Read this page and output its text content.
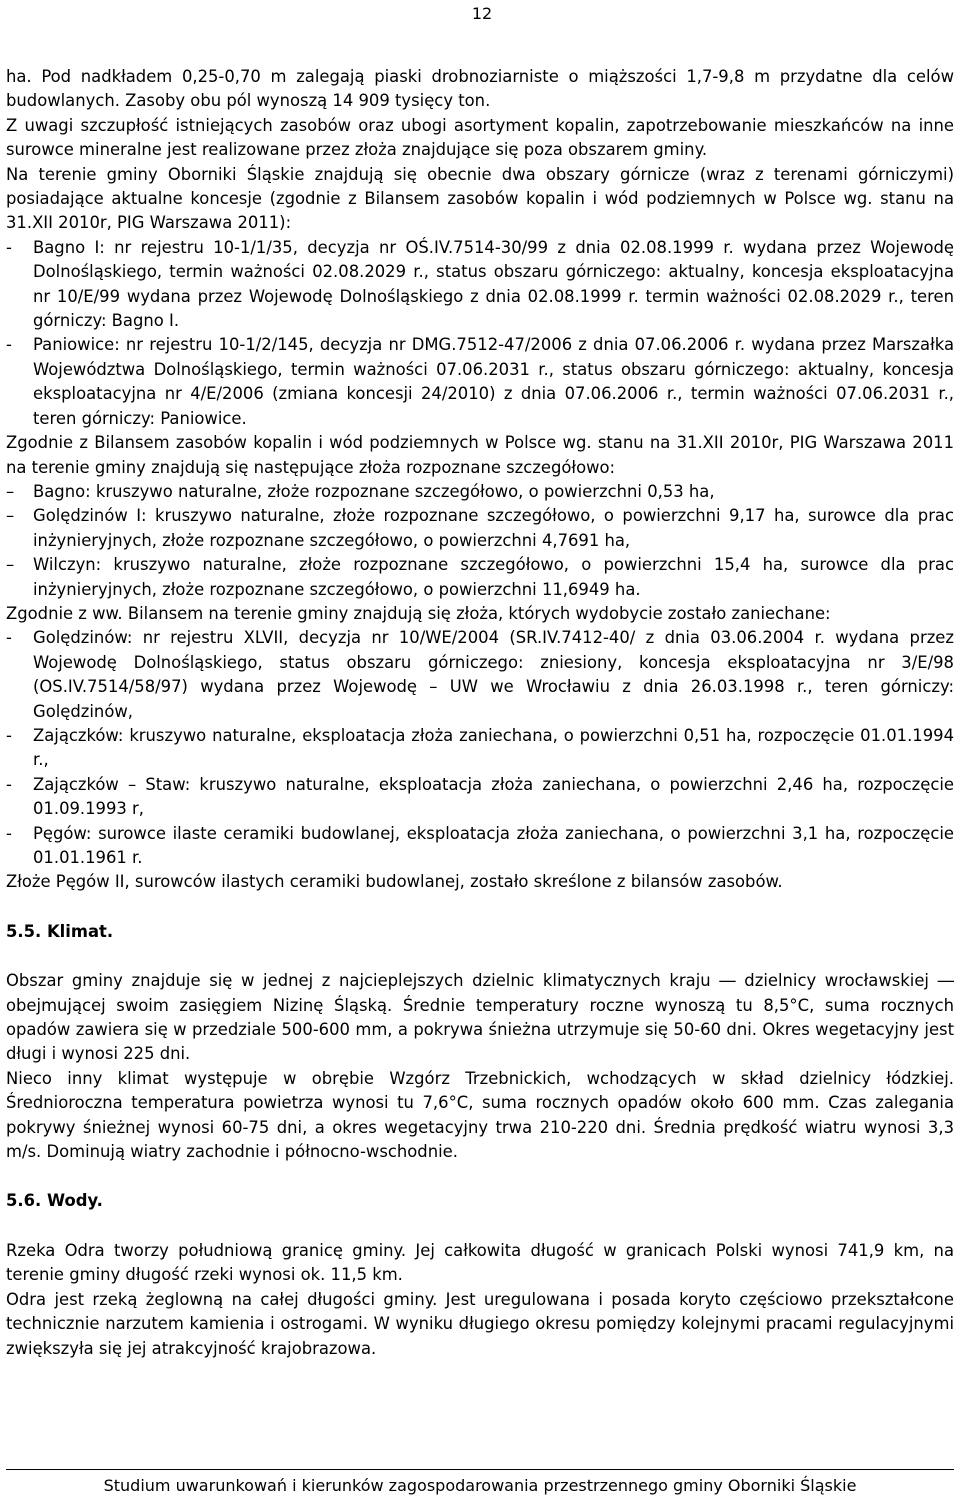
12

ha. Pod nadkładem 0,25-0,70 m zalegają piaski drobnoziarniste o miąższości 1,7-9,8 m przydatne dla celów budowlanych. Zasoby obu pól wynoszą 14 909 tysięcy ton.

Z uwagi szczupłość istniejących zasobów oraz ubogi asortyment kopalin, zapotrzebowanie mieszkańców na inne surowce mineralne jest realizowane przez złoża znajdujące się poza obszarem gminy.

Na terenie gminy Oborniki Śląskie znajdują się obecnie dwa obszary górnicze (wraz z terenami górniczymi) posiadające aktualne koncesje (zgodnie z Bilansem zasobów kopalin i wód podziemnych w Polsce wg. stanu na 31.XII 2010r, PIG Warszawa 2011):

- Bagno I: nr rejestru 10-1/1/35, decyzja nr OŚ.IV.7514-30/99 z dnia 02.08.1999 r. wydana przez Wojewodę Dolnośląskiego, termin ważności 02.08.2029 r., status obszaru górniczego: aktualny, koncesja eksploatacyjna nr 10/E/99 wydana przez Wojewodę Dolnośląskiego z dnia 02.08.1999 r. termin ważności 02.08.2029 r., teren górniczy: Bagno I.
- Paniowice: nr rejestru 10-1/2/145, decyzja nr DMG.7512-47/2006 z dnia 07.06.2006 r. wydana przez Marszałka Województwa Dolnośląskiego, termin ważności 07.06.2031 r., status obszaru górniczego: aktualny, koncesja eksploatacyjna nr 4/E/2006 (zmiana koncesji 24/2010) z dnia 07.06.2006 r., termin ważności 07.06.2031 r., teren górniczy: Paniowice.

Zgodnie z Bilansem zasobów kopalin i wód podziemnych w Polsce wg. stanu na 31.XII 2010r, PIG Warszawa 2011 na terenie gminy znajdują się następujące złoża rozpoznane szczegółowo:

– Bagno: kruszywo naturalne, złoże rozpoznane szczegółowo, o powierzchni 0,53 ha,
– Golędzinów I: kruszywo naturalne, złoże rozpoznane szczegółowo, o powierzchni 9,17 ha, surowce dla prac inżynieryjnych, złoże rozpoznane szczegółowo, o powierzchni 4,7691 ha,
– Wilczyn: kruszywo naturalne, złoże rozpoznane szczegółowo, o powierzchni 15,4 ha, surowce dla prac inżynieryjnych, złoże rozpoznane szczegółowo, o powierzchni 11,6949 ha.

Zgodnie z ww. Bilansem na terenie gminy znajdują się złoża, których wydobycie zostało zaniechane:

- Golędzinów: nr rejestru XLVII, decyzja nr 10/WE/2004 (SR.IV.7412-40/ z dnia 03.06.2004 r. wydana przez Wojewodę Dolnośląskiego, status obszaru górniczego: zniesiony, koncesja eksploatacyjna nr 3/E/98 (OS.IV.7514/58/97) wydana przez Wojewodę – UW we Wrocławiu z dnia 26.03.1998 r., teren górniczy: Golędzinów,
- Zajączków: kruszywo naturalne, eksploatacja złoża zaniechana, o powierzchni 0,51 ha, rozpoczęcie 01.01.1994 r.,
- Zajączków – Staw: kruszywo naturalne, eksploatacja złoża zaniechana, o powierzchni 2,46 ha, rozpoczęcie 01.09.1993 r,
- Pęgów: surowce ilaste ceramiki budowlanej, eksploatacja złoża zaniechana, o powierzchni 3,1 ha, rozpoczęcie 01.01.1961 r.

Złoże Pęgów II, surowców ilastych ceramiki budowlanej, zostało skreślone z bilansów zasobów.

5.5. Klimat.

Obszar gminy znajduje się w jednej z najcieplejszych dzielnic klimatycznych kraju ― dzielnicy wrocławskiej ― obejmującej swoim zasięgiem Nizinę Śląską. Średnie temperatury roczne wynoszą tu 8,5°C, suma rocznych opadów zawiera się w przedziale 500-600 mm, a pokrywa śnieżna utrzymuje się 50-60 dni. Okres wegetacyjny jest długi i wynosi 225 dni.

Nieco inny klimat występuje w obrębie Wzgórz Trzebnickich, wchodzących w skład dzielnicy łódzkiej. Średnioroczna temperatura powietrza wynosi tu 7,6°C, suma rocznych opadów około 600 mm. Czas zalegania pokrywy śnieżnej wynosi 60-75 dni, a okres wegetacyjny trwa 210-220 dni. Średnia prędkość wiatru wynosi 3,3 m/s. Dominują wiatry zachodnie i północno-wschodnie.

5.6. Wody.

Rzeka Odra tworzy południową granicę gminy. Jej całkowita długość w granicach Polski wynosi 741,9 km, na terenie gminy długość rzeki wynosi ok. 11,5 km.

Odra jest rzeką żeglowną na całej długości gminy. Jest uregulowana i posada koryto częściowo przekształcone technicznie narzutem kamienia i ostrogami. W wyniku długiego okresu pomiędzy kolejnymi pracami regulacyjnymi zwiększyła się jej atrakcyjność krajobrazowa.

Studium uwarunkowań i kierunków zagospodarowania przestrzennego gminy Oborniki Śląskie
